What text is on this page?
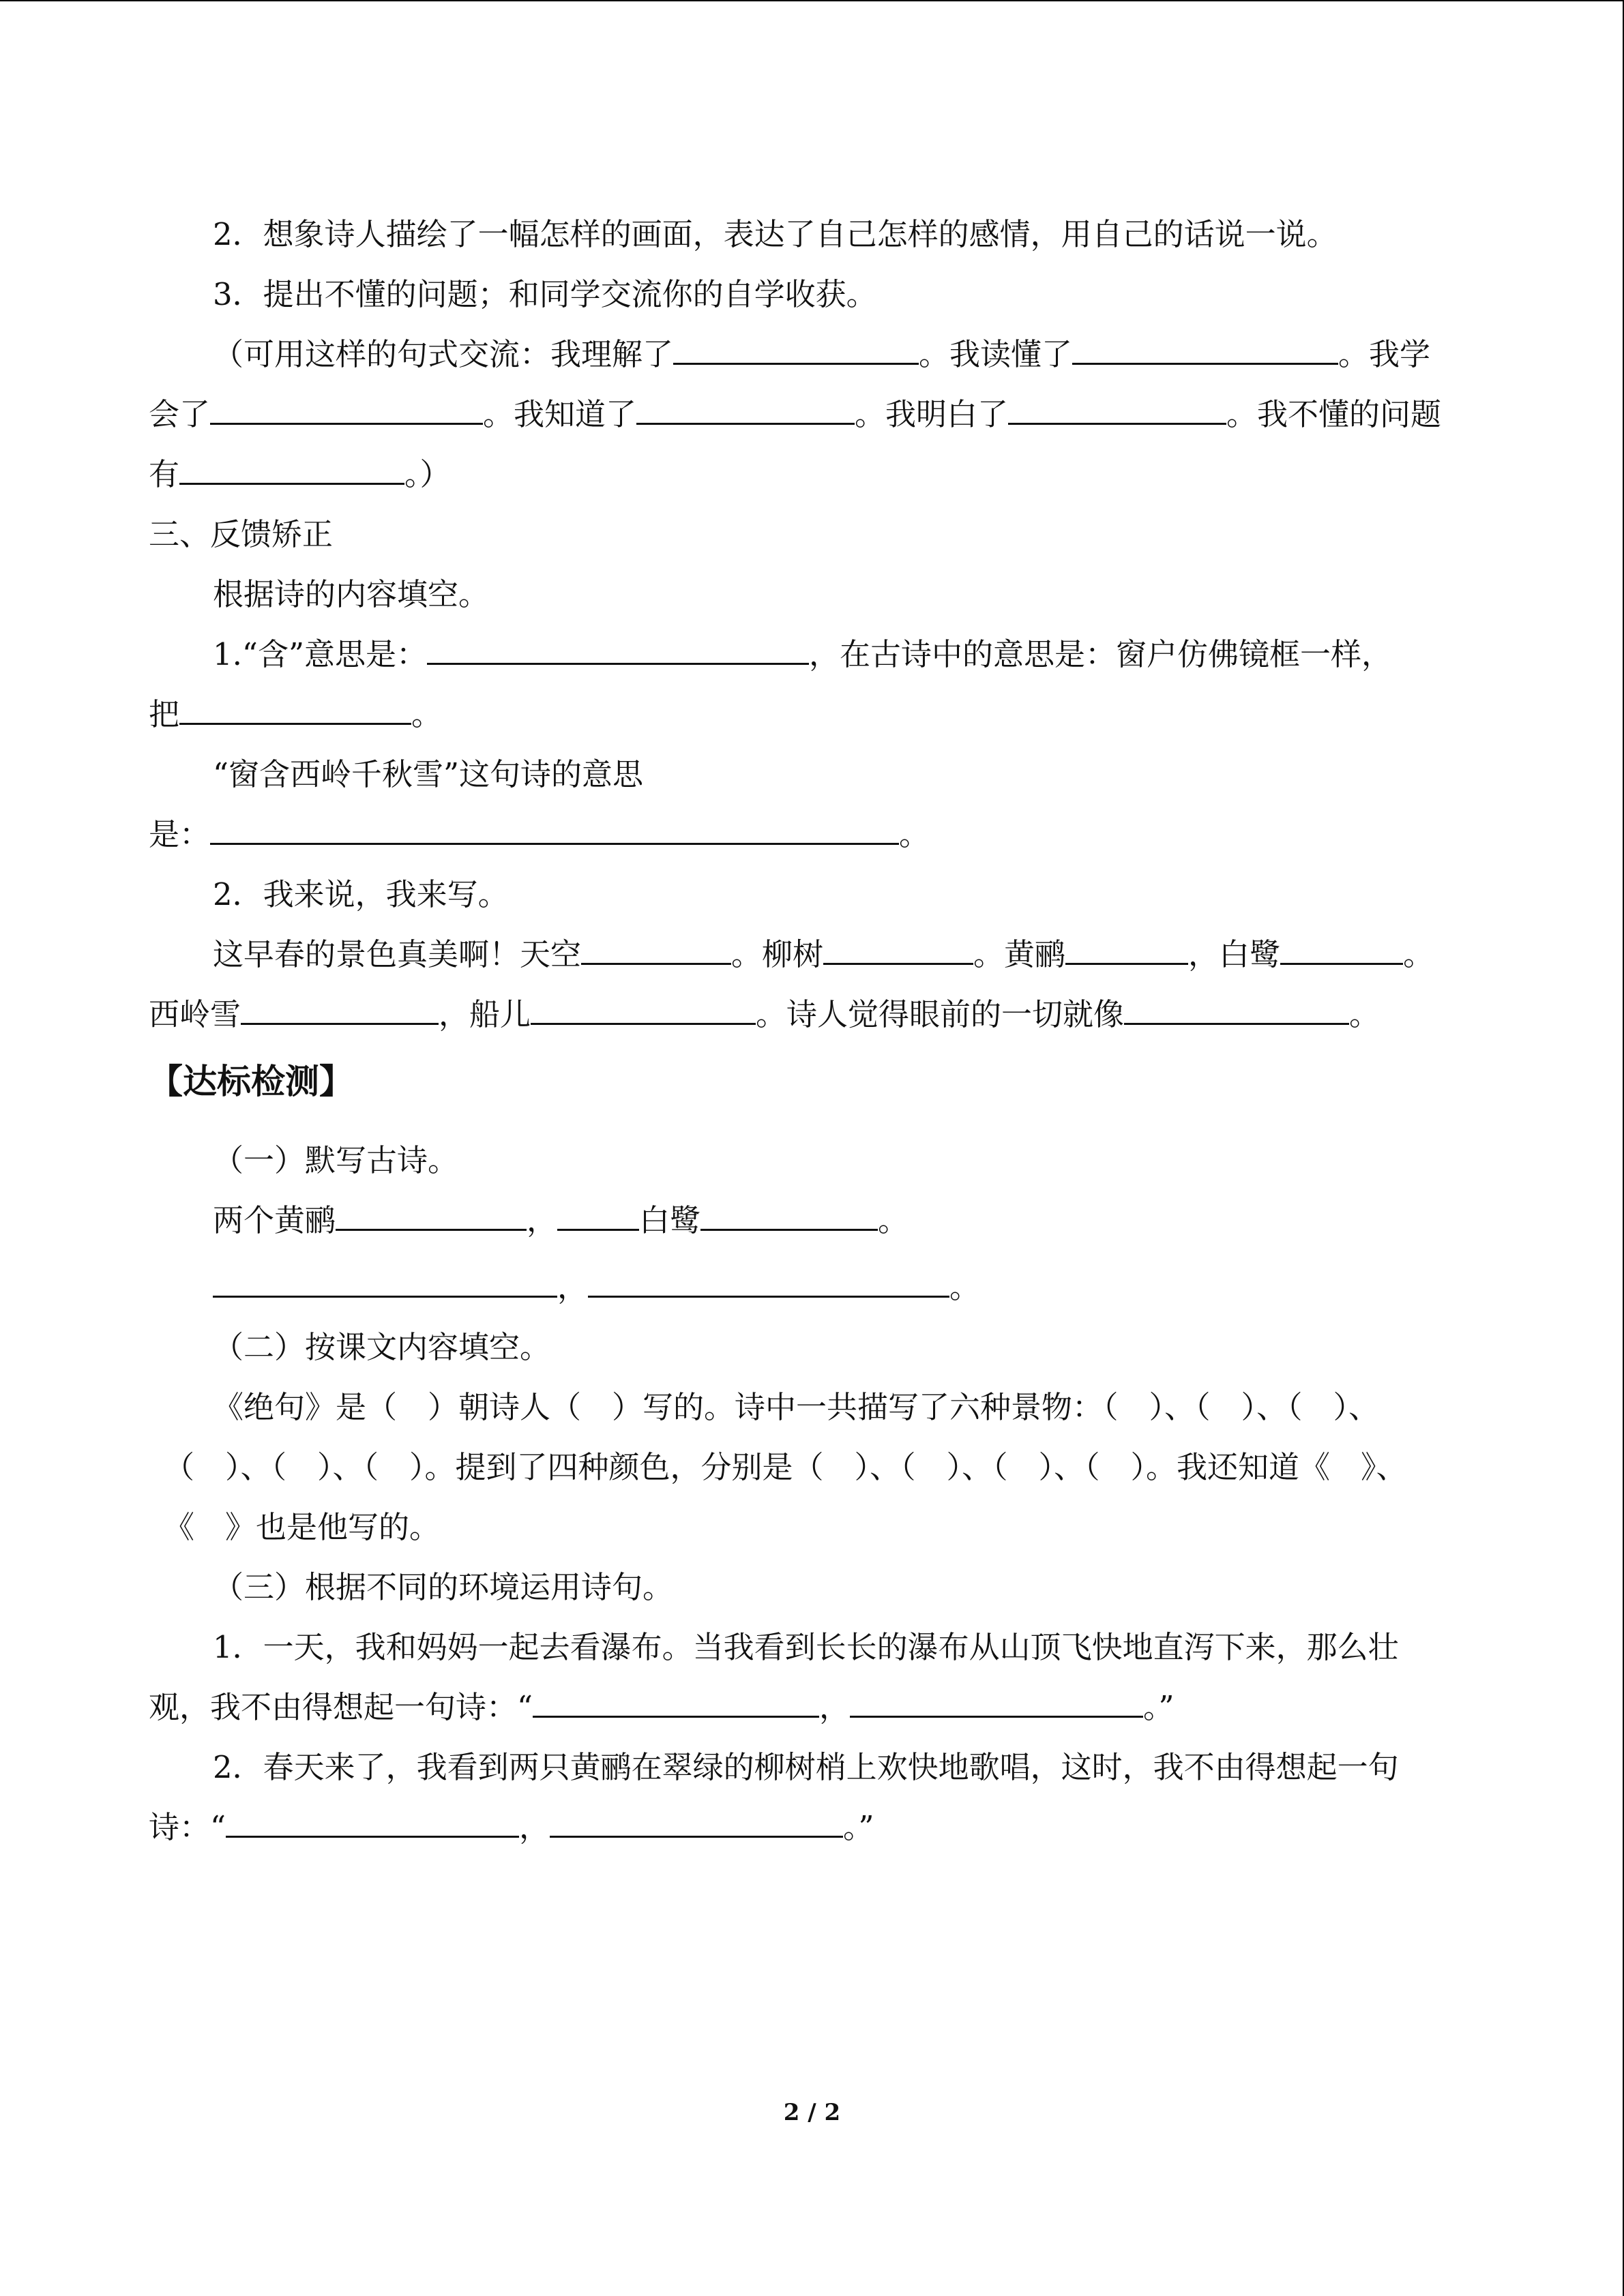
2．想象诗人描绘了一幅怎样的画面，表达了自己怎样的感情，用自己的话说一说。
3．提出不懂的问题；和同学交流你的自学收获。
（可用这样的句式交流：我理解了	。我读懂了	。我学
会了	。我知道了	。我明白了	。我不懂的问题
有	。）
三、反馈矫正
根据诗的内容填空。
1.“含”意思是：	，在古诗中的意思是：窗户仿佛镜框一样，
把	。
“窗含西岭千秋雪”这句诗的意思
是：	。
2．我来说，我来写。
这早春的景色真美啊！天空	。柳树	。黄鹂	，白鹭	。
西岭雪	，船儿	。诗人觉得眼前的一切就像	。
【达标检测】
（一）默写古诗。
两个黄鹂	，	白鹭	。
，	。
（二）按课文内容填空。
《绝句》是（　）朝诗人（　）写的。诗中一共描写了六种景物：（　）、（　）、（　）、
（　）、（　）、（　）。提到了四种颜色，分别是（　）、（　）、（　）、（　）。我还知道《　》、
《　》也是他写的。
（三）根据不同的环境运用诗句。
1．一天，我和妈妈一起去看瀑布。当我看到长长的瀑布从山顶飞快地直泻下来，那么壮
观，我不由得想起一句诗：“	，	。”
2．春天来了，我看到两只黄鹂在翠绿的柳树梢上欢快地歌唱，这时，我不由得想起一句
诗：“	，	。”
2 / 2
